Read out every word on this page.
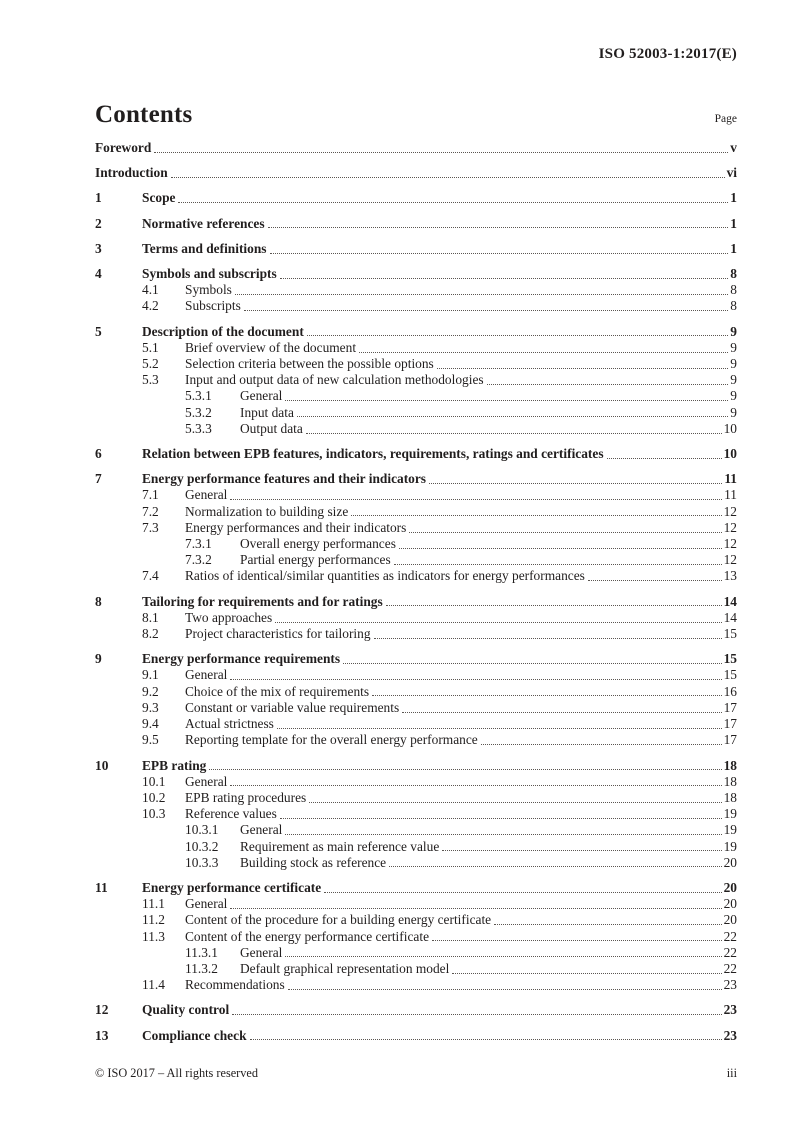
ISO 52003-1:2017(E)
Contents	Page
Foreword	v
Introduction	vi
1	Scope	1
2	Normative references	1
3	Terms and definitions	1
4	Symbols and subscripts	8
4.1	Symbols	8
4.2	Subscripts	8
5	Description of the document	9
5.1	Brief overview of the document	9
5.2	Selection criteria between the possible options	9
5.3	Input and output data of new calculation methodologies	9
5.3.1	General	9
5.3.2	Input data	9
5.3.3	Output data	10
6	Relation between EPB features, indicators, requirements, ratings and certificates	10
7	Energy performance features and their indicators	11
7.1	General	11
7.2	Normalization to building size	12
7.3	Energy performances and their indicators	12
7.3.1	Overall energy performances	12
7.3.2	Partial energy performances	12
7.4	Ratios of identical/similar quantities as indicators for energy performances	13
8	Tailoring for requirements and for ratings	14
8.1	Two approaches	14
8.2	Project characteristics for tailoring	15
9	Energy performance requirements	15
9.1	General	15
9.2	Choice of the mix of requirements	16
9.3	Constant or variable value requirements	17
9.4	Actual strictness	17
9.5	Reporting template for the overall energy performance	17
10	EPB rating	18
10.1	General	18
10.2	EPB rating procedures	18
10.3	Reference values	19
10.3.1	General	19
10.3.2	Requirement as main reference value	19
10.3.3	Building stock as reference	20
11	Energy performance certificate	20
11.1	General	20
11.2	Content of the procedure for a building energy certificate	20
11.3	Content of the energy performance certificate	22
11.3.1	General	22
11.3.2	Default graphical representation model	22
11.4	Recommendations	23
12	Quality control	23
13	Compliance check	23
© ISO 2017 – All rights reserved	iii
